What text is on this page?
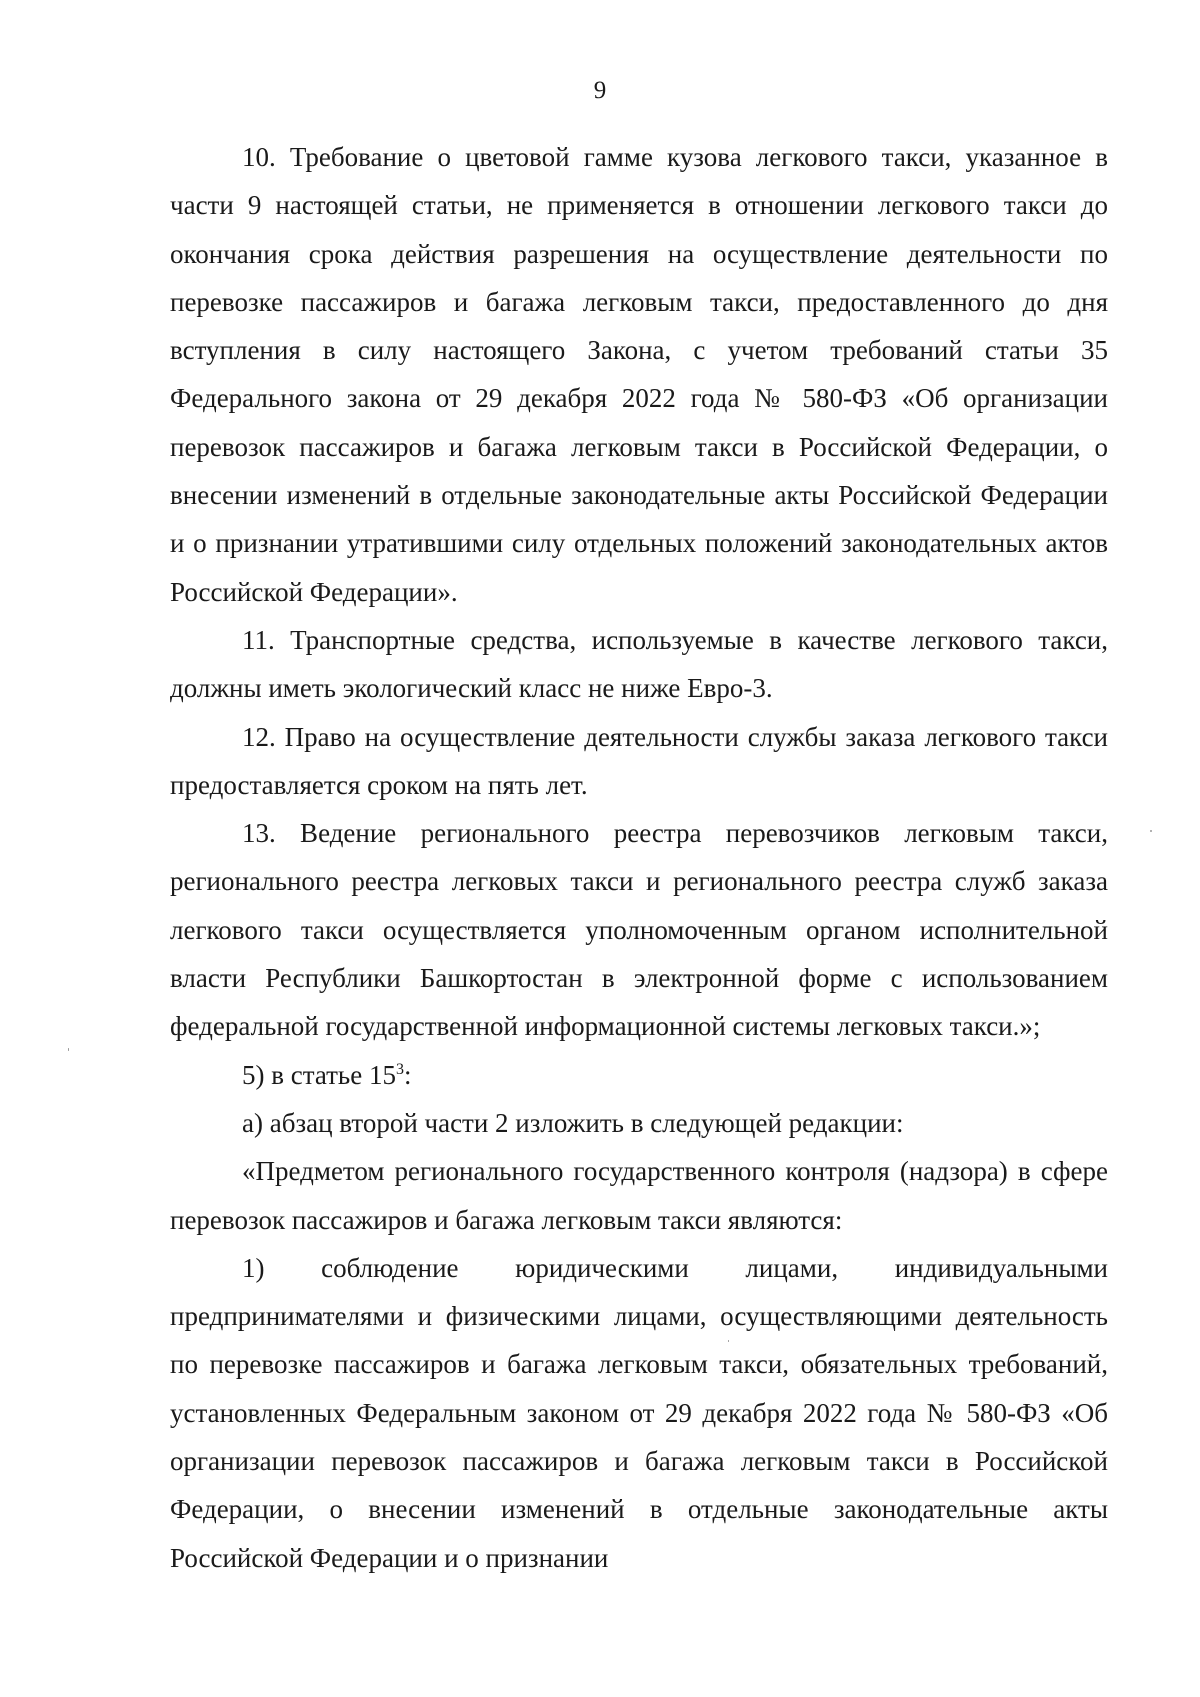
9

10. Требование о цветовой гамме кузова легкового такси, указанное в части 9 настоящей статьи, не применяется в отношении легкового такси до окончания срока действия разрешения на осуществление деятельности по перевозке пассажиров и багажа легковым такси, предоставленного до дня вступления в силу настоящего Закона, с учетом требований статьи 35 Федерального закона от 29 декабря 2022 года № 580-ФЗ «Об организации перевозок пассажиров и багажа легковым такси в Российской Федерации, о внесении изменений в отдельные законодательные акты Российской Федерации и о признании утратившими силу отдельных положений законодательных актов Российской Федерации».

11. Транспортные средства, используемые в качестве легкового такси, должны иметь экологический класс не ниже Евро-3.

12. Право на осуществление деятельности службы заказа легкового такси предоставляется сроком на пять лет.

13. Ведение регионального реестра перевозчиков легковым такси, регионального реестра легковых такси и регионального реестра служб заказа легкового такси осуществляется уполномоченным органом исполнительной власти Республики Башкортостан в электронной форме с использованием федеральной государственной информационной системы легковых такси.»;

5) в статье $15^3$:

а) абзац второй части 2 изложить в следующей редакции:

«Предметом регионального государственного контроля (надзора) в сфере перевозок пассажиров и багажа легковым такси являются:

1) соблюдение юридическими лицами, индивидуальными предпринимателями и физическими лицами, осуществляющими деятельность по перевозке пассажиров и багажа легковым такси, обязательных требований, установленных Федеральным законом от 29 декабря 2022 года № 580-ФЗ «Об организации перевозок пассажиров и багажа легковым такси в Российской Федерации, о внесении изменений в отдельные законодательные акты Российской Федерации и о признании
